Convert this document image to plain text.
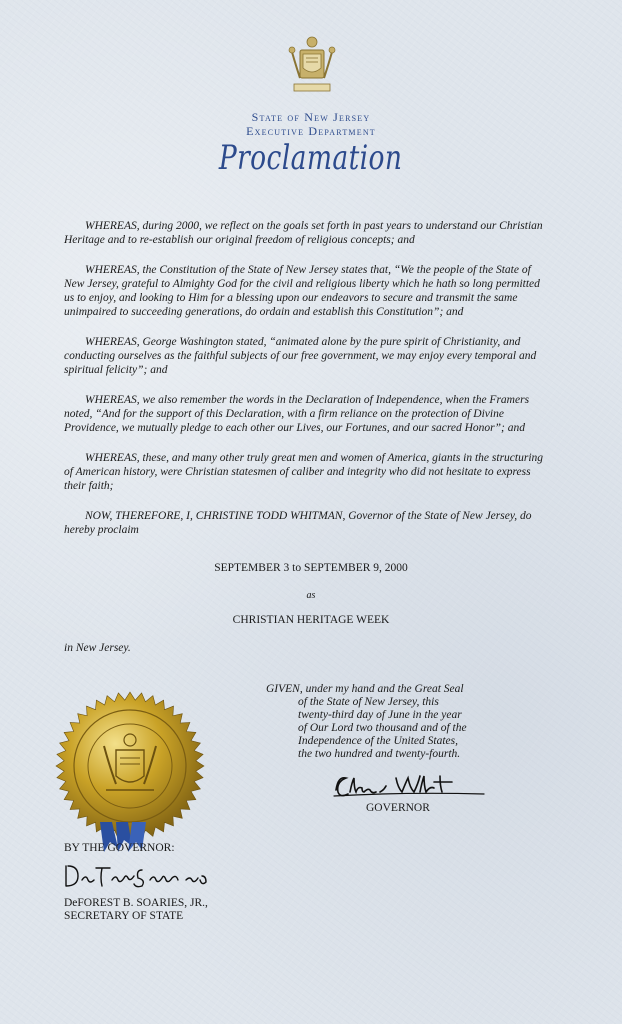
State of New Jersey
Executive Department
Proclamation

WHEREAS, during 2000, we reflect on the goals set forth in past years to understand our Christian Heritage and to re-establish our original freedom of religious concepts; and

WHEREAS, the Constitution of the State of New Jersey states that, “We the people of the State of New Jersey, grateful to Almighty God for the civil and religious liberty which he hath so long permitted us to enjoy, and looking to Him for a blessing upon our endeavors to secure and transmit the same unimpaired to succeeding generations, do ordain and establish this Constitution”; and

WHEREAS, George Washington stated, “animated alone by the pure spirit of Christianity, and conducting ourselves as the faithful subjects of our free government, we may enjoy every temporal and spiritual felicity”; and

WHEREAS, we also remember the words in the Declaration of Independence, when the Framers noted, “And for the support of this Declaration, with a firm reliance on the protection of Divine Providence, we mutually pledge to each other our Lives, our Fortunes, and our sacred Honor”; and

WHEREAS, these, and many other truly great men and women of America, giants in the structuring of American history, were Christian statesmen of caliber and integrity who did not hesitate to express their faith;

NOW, THEREFORE, I, CHRISTINE TODD WHITMAN, Governor of the State of New Jersey, do hereby proclaim

SEPTEMBER 3 to SEPTEMBER 9, 2000
as
CHRISTIAN HERITAGE WEEK
in New Jersey.
GIVEN, under my hand and the Great Seal
of the State of New Jersey, this
twenty-third day of June in the year
of Our Lord two thousand and of the
Independence of the United States,
the two hundred and twenty-fourth.
GOVERNOR
BY THE GOVERNOR:
DeFOREST B. SOARIES, JR.,
SECRETARY OF STATE
